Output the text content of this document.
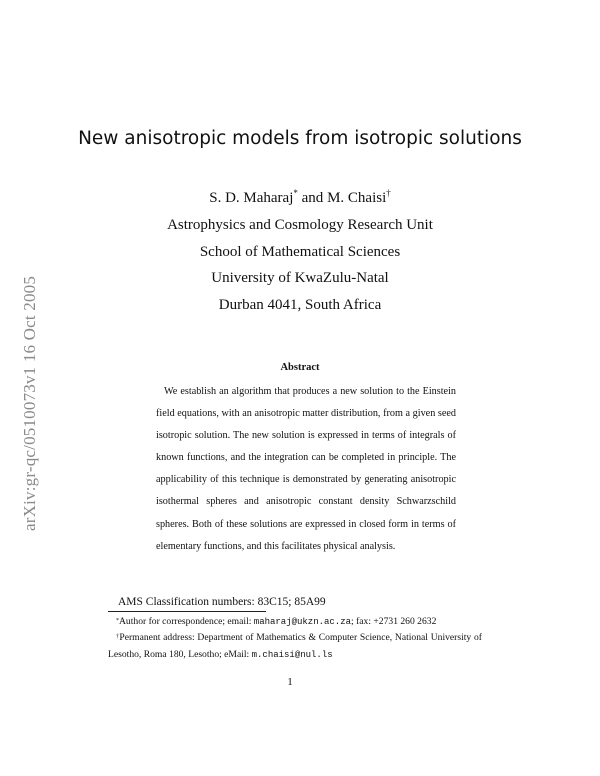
arXiv:gr-qc/0510073v1 16 Oct 2005
New anisotropic models from isotropic solutions
S. D. Maharaj* and M. Chaisi†
Astrophysics and Cosmology Research Unit
School of Mathematical Sciences
University of KwaZulu-Natal
Durban 4041, South Africa
Abstract
We establish an algorithm that produces a new solution to the Einstein field equations, with an anisotropic matter distribution, from a given seed isotropic solution. The new solution is expressed in terms of integrals of known functions, and the integration can be completed in principle. The applicability of this technique is demonstrated by generating anisotropic isothermal spheres and anisotropic constant density Schwarzschild spheres. Both of these solutions are expressed in closed form in terms of elementary functions, and this facilitates physical analysis.
AMS Classification numbers: 83C15; 85A99
*Author for correspondence; email: maharaj@ukzn.ac.za; fax: +2731 260 2632
†Permanent address: Department of Mathematics & Computer Science, National University of Lesotho, Roma 180, Lesotho; eMail: m.chaisi@nul.ls
1
